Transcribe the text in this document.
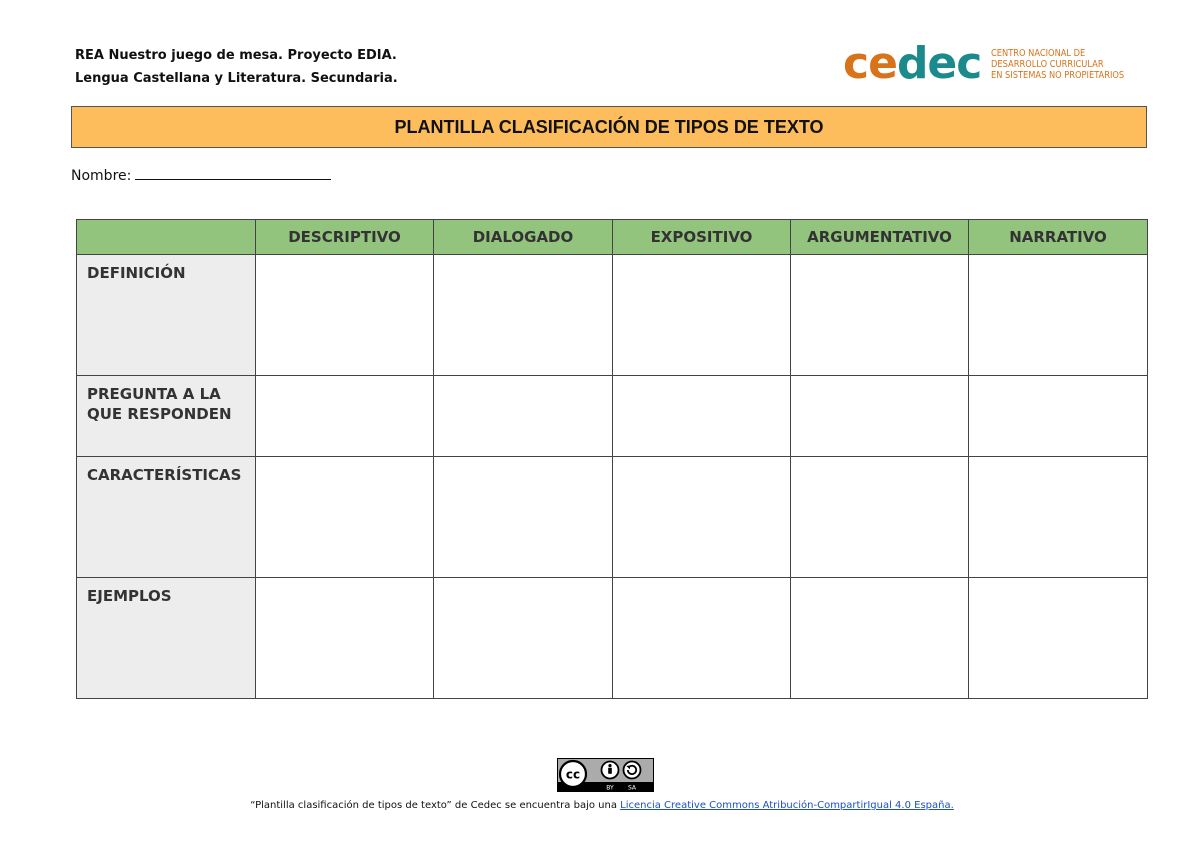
REA Nuestro juego de mesa. Proyecto EDIA.
Lengua Castellana y Literatura. Secundaria.	cedec CENTRO NACIONAL DE
DESARROLLO CURRICULAR
EN SISTEMAS NO PROPIETARIOS
PLANTILLA CLASIFICACIÓN DE TIPOS DE TEXTO
Nombre:
	DESCRIPTIVO	DIALOGADO	EXPOSITIVO	ARGUMENTATIVO	NARRATIVO
DEFINICIÓN					
PREGUNTA A LA QUE RESPONDEN					
CARACTERÍSTICAS					
EJEMPLOS					
cc
BY SA
“Plantilla clasificación de tipos de texto” de Cedec se encuentra bajo una Licencia Creative Commons Atribución-CompartirIgual 4.0 España.
